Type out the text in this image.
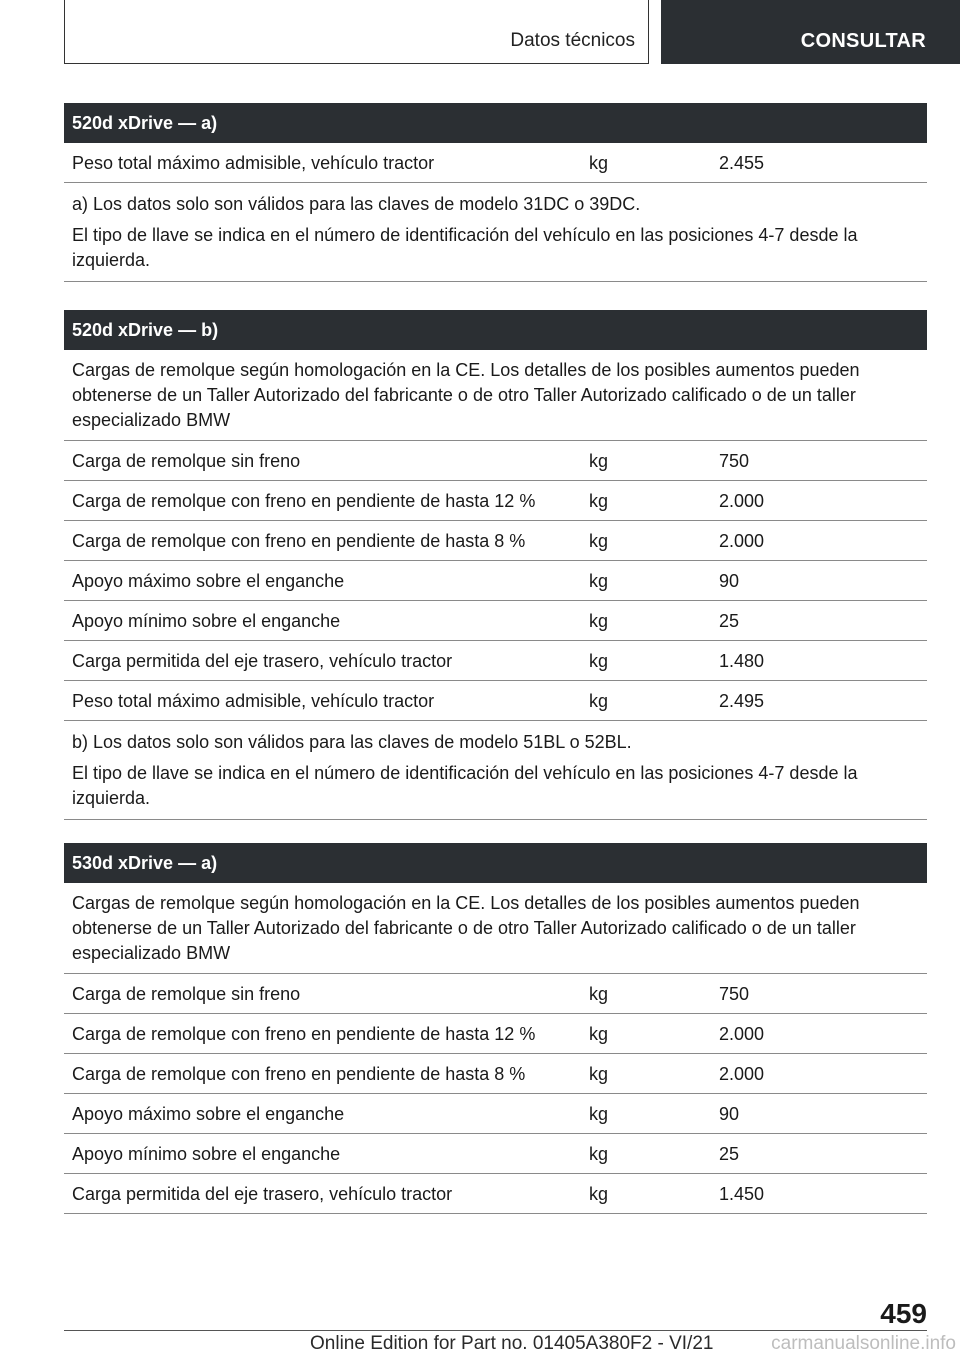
Datos técnicos	CONSULTAR
520d xDrive — a)
Peso total máximo admisible, vehículo tractor	kg	2.455

a) Los datos solo son válidos para las claves de modelo 31DC o 39DC.

El tipo de llave se indica en el número de identificación del vehículo en las posiciones 4-7 desde la izquierda.

520d xDrive — b)
Cargas de remolque según homologación en la CE. Los detalles de los posibles aumentos pueden obtenerse de un Taller Autorizado del fabricante o de otro Taller Autorizado calificado o de un taller especializado BMW
Carga de remolque sin freno	kg	750
Carga de remolque con freno en pendiente de hasta 12 %	kg	2.000
Carga de remolque con freno en pendiente de hasta 8 %	kg	2.000
Apoyo máximo sobre el enganche	kg	90
Apoyo mínimo sobre el enganche	kg	25
Carga permitida del eje trasero, vehículo tractor	kg	1.480
Peso total máximo admisible, vehículo tractor	kg	2.495

b) Los datos solo son válidos para las claves de modelo 51BL o 52BL.

El tipo de llave se indica en el número de identificación del vehículo en las posiciones 4-7 desde la izquierda.

530d xDrive — a)
Cargas de remolque según homologación en la CE. Los detalles de los posibles aumentos pueden obtenerse de un Taller Autorizado del fabricante o de otro Taller Autorizado calificado o de un taller especializado BMW
Carga de remolque sin freno	kg	750
Carga de remolque con freno en pendiente de hasta 12 %	kg	2.000
Carga de remolque con freno en pendiente de hasta 8 %	kg	2.000
Apoyo máximo sobre el enganche	kg	90
Apoyo mínimo sobre el enganche	kg	25
Carga permitida del eje trasero, vehículo tractor	kg	1.450
459
Online Edition for Part no. 01405A380F2 - VI/21	carmanualsonline.info
